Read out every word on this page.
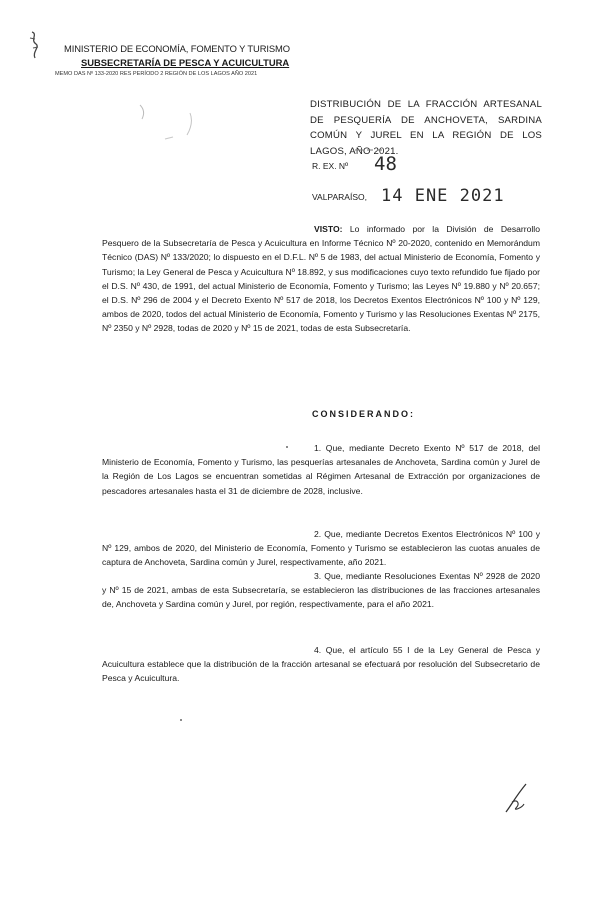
MINISTERIO DE ECONOMÍA, FOMENTO Y TURISMO
SUBSECRETARÍA DE PESCA Y ACUICULTURA
MEMO DAS Nº 133-2020 RES PERÍODO 2 REGIÓN DE LOS LAGOS AÑO 2021
DISTRIBUCIÓN DE LA FRACCIÓN ARTESANAL DE PESQUERÍA DE ANCHOVETA, SARDINA COMÚN Y JUREL EN LA REGIÓN DE LOS LAGOS, AÑO 2021.
R. EX. Nº 48
VALPARAÍSO, 14 ENE 2021
VISTO: Lo informado por la División de Desarrollo Pesquero de la Subsecretaría de Pesca y Acuicultura en Informe Técnico Nº 20-2020, contenido en Memorándum Técnico (DAS) Nº 133/2020; lo dispuesto en el D.F.L. Nº 5 de 1983, del actual Ministerio de Economía, Fomento y Turismo; la Ley General de Pesca y Acuicultura Nº 18.892, y sus modificaciones cuyo texto refundido fue fijado por el D.S. Nº 430, de 1991, del actual Ministerio de Economía, Fomento y Turismo; las Leyes Nº 19.880 y Nº 20.657; el D.S. Nº 296 de 2004 y el Decreto Exento Nº 517 de 2018, los Decretos Exentos Electrónicos Nº 100 y Nº 129, ambos de 2020, todos del actual Ministerio de Economía, Fomento y Turismo y las Resoluciones Exentas Nº 2175, Nº 2350 y Nº 2928, todas de 2020 y Nº 15 de 2021, todas de esta Subsecretaría.
CONSIDERANDO:
1. Que, mediante Decreto Exento Nº 517 de 2018, del Ministerio de Economía, Fomento y Turismo, las pesquerías artesanales de Anchoveta, Sardina común y Jurel de la Región de Los Lagos se encuentran sometidas al Régimen Artesanal de Extracción por organizaciones de pescadores artesanales hasta el 31 de diciembre de 2028, inclusive.
2. Que, mediante Decretos Exentos Electrónicos Nº 100 y Nº 129, ambos de 2020, del Ministerio de Economía, Fomento y Turismo se establecieron las cuotas anuales de captura de Anchoveta, Sardina común y Jurel, respectivamente, año 2021.
3. Que, mediante Resoluciones Exentas Nº 2928 de 2020 y Nº 15 de 2021, ambas de esta Subsecretaría, se establecieron las distribuciones de las fracciones artesanales de, Anchoveta y Sardina común y Jurel, por región, respectivamente, para el año 2021.
4. Que, el artículo 55 I de la Ley General de Pesca y Acuicultura establece que la distribución de la fracción artesanal se efectuará por resolución del Subsecretario de Pesca y Acuicultura.
